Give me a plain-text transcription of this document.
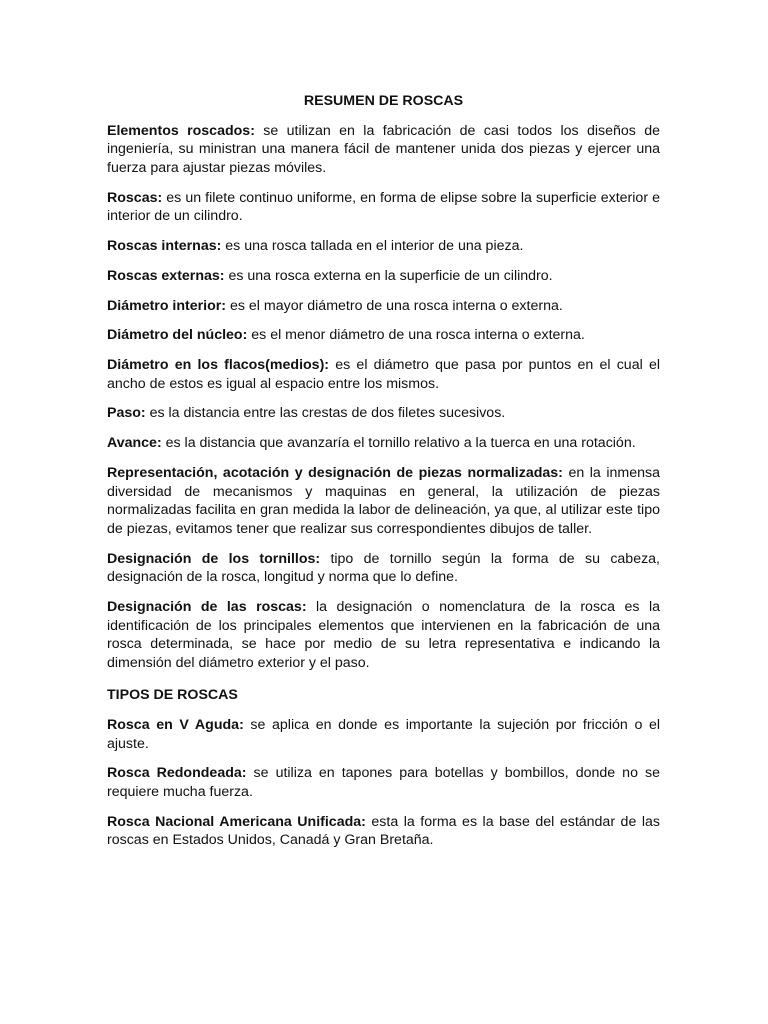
RESUMEN DE ROSCAS

Elementos roscados: se utilizan en la fabricación de casi todos los diseños de ingeniería, su ministran una manera fácil de mantener unida dos piezas y ejercer una fuerza para ajustar piezas móviles.

Roscas: es un filete continuo uniforme, en forma de elipse sobre la superficie exterior e interior de un cilindro.

Roscas internas: es una rosca tallada en el interior de una pieza.

Roscas externas: es una rosca externa en la superficie de un cilindro.

Diámetro interior: es el mayor diámetro de una rosca interna o externa.

Diámetro del núcleo: es el menor diámetro de una rosca interna o externa.

Diámetro en los flacos(medios): es el diámetro que pasa por puntos en el cual el ancho de estos es igual al espacio entre los mismos.

Paso: es la distancia entre las crestas de dos filetes sucesivos.

Avance: es la distancia que avanzaría el tornillo relativo a la tuerca en una rotación.

Representación, acotación y designación de piezas normalizadas: en la inmensa diversidad de mecanismos y maquinas en general, la utilización de piezas normalizadas facilita en gran medida la labor de delineación, ya que, al utilizar este tipo de piezas, evitamos tener que realizar sus correspondientes dibujos de taller.

Designación de los tornillos: tipo de tornillo según la forma de su cabeza, designación de la rosca, longitud y norma que lo define.

Designación de las roscas: la designación o nomenclatura de la rosca es la identificación de los principales elementos que intervienen en la fabricación de una rosca determinada, se hace por medio de su letra representativa e indicando la dimensión del diámetro exterior y el paso.

TIPOS DE ROSCAS

Rosca en V Aguda: se aplica en donde es importante la sujeción por fricción o el ajuste.

Rosca Redondeada: se utiliza en tapones para botellas y bombillos, donde no se requiere mucha fuerza.

Rosca Nacional Americana Unificada: esta la forma es la base del estándar de las roscas en Estados Unidos, Canadá y Gran Bretaña.
